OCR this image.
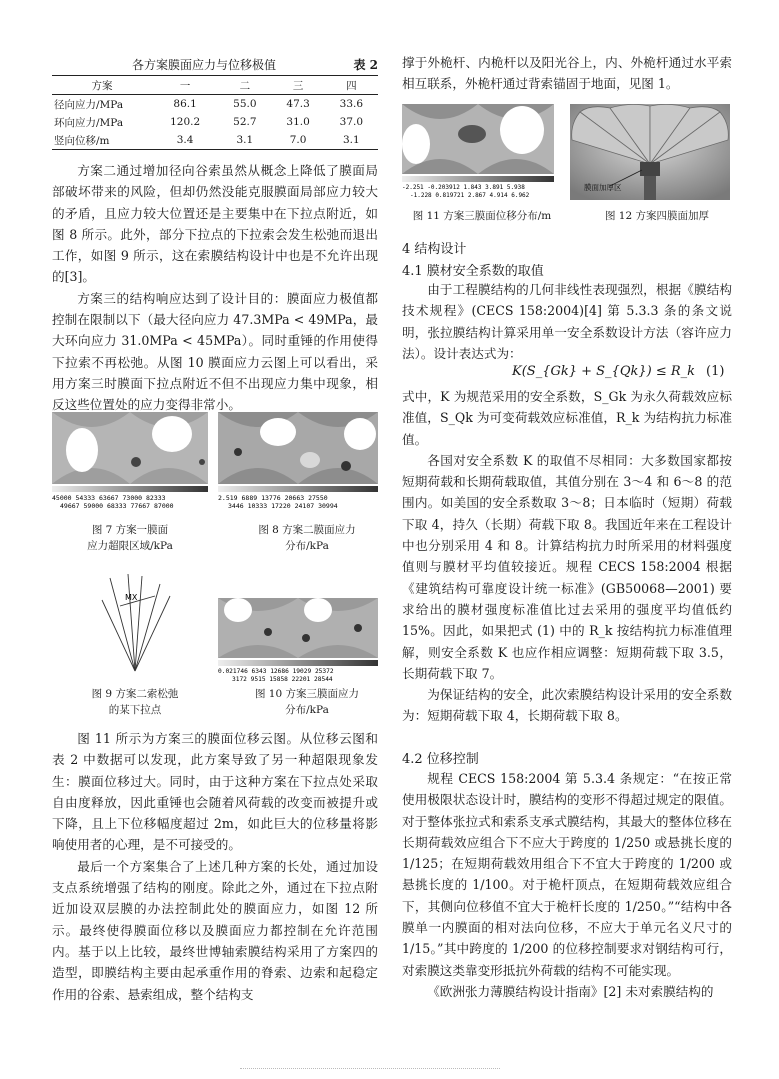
各方案膜面应力与位移极值	表 2
方案	一	二	三	四
径向应力/MPa	86.1	55.0	47.3	33.6
环向应力/MPa	120.2	52.7	31.0	37.0
竖向位移/m	3.4	3.1	7.0	3.1

方案二通过增加径向谷索虽然从概念上降低了膜面局部破坏带来的风险，但却仍然没能克服膜面局部应力较大的矛盾，且应力较大位置还是主要集中在下拉点附近，如图 8 所示。此外，部分下拉点的下拉索会发生松弛而退出工作，如图 9 所示，这在索膜结构设计中也是不允许出现的[3]。

方案三的结构响应达到了设计目的：膜面应力极值都控制在限制以下（最大径向应力 47.3MPa < 49MPa，最大环向应力 31.0MPa < 45MPa）。同时重锤的作用使得下拉索不再松弛。从图 10 膜面应力云图上可以看出，采用方案三时膜面下拉点附近不但不出现应力集中现象，相反这些位置处的应力变得非常小。

45000 54333 63667 73000 82333
49667 59000 68333 77667 87000
图 7 方案一膜面
应力超限区域/kPa
2.519 6889 13776 20663 27550
3446 10333 17220 24107 30994
图 8 方案二膜面应力
分布/kPa
MX
图 9 方案二索松弛
的某下拉点
0.021746 6343 12686 19029 25372
3172 9515 15858 22201 28544
图 10 方案三膜面应力
分布/kPa

图 11 所示为方案三的膜面位移云图。从位移云图和表 2 中数据可以发现，此方案导致了另一种超限现象发生：膜面位移过大。同时，由于这种方案在下拉点处采取自由度释放，因此重锤也会随着风荷载的改变而被提升或下降，且上下位移幅度超过 2m，如此巨大的位移量将影响使用者的心理，是不可接受的。

最后一个方案集合了上述几种方案的长处，通过加设支点系统增强了结构的刚度。除此之外，通过在下拉点附近加设双层膜的办法控制此处的膜面应力，如图 12 所示。最终使得膜面位移以及膜面应力都控制在允许范围内。基于以上比较，最终世博轴索膜结构采用了方案四的造型，即膜结构主要由起承重作用的脊索、边索和起稳定作用的谷索、悬索组成，整个结构支

撑于外桅杆、内桅杆以及阳光谷上，内、外桅杆通过水平索相互联系，外桅杆通过背索锚固于地面，见图 1。

-2.251 -0.203912 1.843 3.891 5.938
-1.228 0.819721 2.867 4.914 6.962
图 11 方案三膜面位移分布/m
膜面加厚区
图 12 方案四膜面加厚
4 结构设计
4.1 膜材安全系数的取值

由于工程膜结构的几何非线性表现强烈，根据《膜结构技术规程》(CECS 158:2004)[4] 第 5.3.3 条的条文说明，张拉膜结构计算采用单一安全系数设计方法（容许应力法）。设计表达式为：

K(S_{Gk} + S_{Qk}) ≤ R_k (1)

式中，K 为规范采用的安全系数，S_Gk 为永久荷载效应标准值，S_Qk 为可变荷载效应标准值，R_k 为结构抗力标准值。

各国对安全系数 K 的取值不尽相同：大多数国家都按短期荷载和长期荷载取值，其值分别在 3～4 和 6～8 的范围内。如美国的安全系数取 3～8；日本临时（短期）荷载下取 4，持久（长期）荷载下取 8。我国近年来在工程设计中也分别采用 4 和 8。计算结构抗力时所采用的材料强度值则与膜材平均值较接近。规程 CECS 158:2004 根据《建筑结构可靠度设计统一标准》(GB50068—2001) 要求给出的膜材强度标准值比过去采用的强度平均值低约 15%。因此，如果把式 (1) 中的 R_k 按结构抗力标准值理解，则安全系数 K 也应作相应调整：短期荷载下取 3.5，长期荷载下取 7。

为保证结构的安全，此次索膜结构设计采用的安全系数为：短期荷载下取 4，长期荷载下取 8。

4.2 位移控制

规程 CECS 158:2004 第 5.3.4 条规定：“在按正常使用极限状态设计时，膜结构的变形不得超过规定的限值。对于整体张拉式和索系支承式膜结构，其最大的整体位移在长期荷载效应组合下不应大于跨度的 1/250 或悬挑长度的 1/125；在短期荷载效用组合下不宜大于跨度的 1/200 或悬挑长度的 1/100。对于桅杆顶点，在短期荷载效应组合下，其侧向位移值不宜大于桅杆长度的 1/250。”“结构中各膜单一内膜面的相对法向位移，不应大于单元名义尺寸的 1/15。”其中跨度的 1/200 的位移控制要求对钢结构可行，对索膜这类靠变形抵抗外荷载的结构不可能实现。

《欧洲张力薄膜结构设计指南》[2] 未对索膜结构的
